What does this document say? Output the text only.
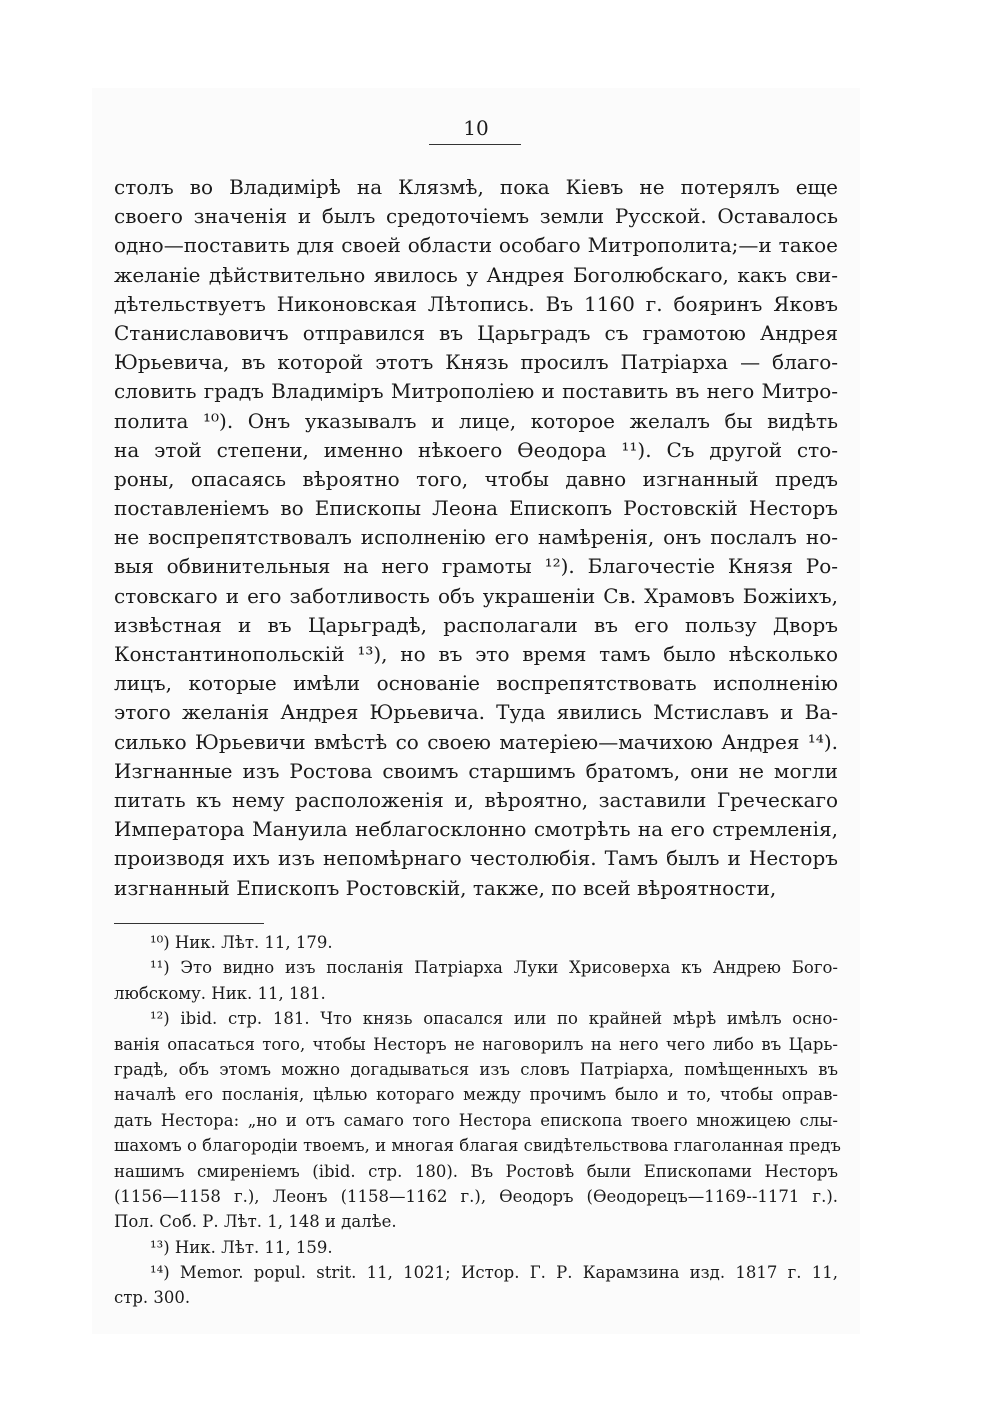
10
столъ во Владимірѣ на Клязмѣ, пока Кіевъ не потерялъ еще
своего значенія и былъ средоточіемъ земли Русской. Оставалось
одно—поставить для своей области особаго Митрополита;—и такое
желаніе дѣйствительно явилось у Андрея Боголюбскаго, какъ сви-
дѣтельствуетъ Никоновская Лѣтопись. Въ 1160 г. бояринъ Яковъ
Станиславовичъ отправился въ Царьградъ съ грамотою Андрея
Юрьевича, въ которой этотъ Князь просилъ Патріарха — благо-
словить градъ Владиміръ Митрополіею и поставить въ него Митро-
полита ¹⁰). Онъ указывалъ и лице, которое желалъ бы видѣть
на этой степени, именно нѣкоего Ѳеодора ¹¹). Съ другой сто-
роны, опасаясь вѣроятно того, чтобы давно изгнанный предъ
поставленіемъ во Епископы Леона Епископъ Ростовскій Несторъ
не воспрепятствовалъ исполненію его намѣренія, онъ послалъ но-
выя обвинительныя на него грамоты ¹²). Благочестіе Князя Ро-
стовскаго и его заботливость объ украшеніи Св. Храмовъ Божіихъ,
извѣстная и въ Царьградѣ, располагали въ его пользу Дворъ
Константинопольскій ¹³), но въ это время тамъ было нѣсколько
лицъ, которые имѣли основаніе воспрепятствовать исполненію
этого желанія Андрея Юрьевича. Туда явились Мстиславъ и Ва-
силько Юрьевичи вмѣстѣ со своею матеріею—мачихою Андрея ¹⁴).
Изгнанные изъ Ростова своимъ старшимъ братомъ, они не могли
питать къ нему расположенія и, вѣроятно, заставили Греческаго
Императора Мануила неблагосклонно смотрѣть на его стремленія,
производя ихъ изъ непомѣрнаго честолюбія. Тамъ былъ и Несторъ
изгнанный Епископъ Ростовскій, также, по всей вѣроятности,
¹⁰) Ник. Лѣт. 11, 179.
¹¹) Это видно изъ посланія Патріарха Луки Хрисоверха къ Андрею Бого-
любскому. Ник. 11, 181.
¹²) ibid. стр. 181. Что князь опасался или по крайней мѣрѣ имѣлъ осно-
ванія опасаться того, чтобы Несторъ не наговорилъ на него чего либо въ Царь-
градѣ, объ этомъ можно догадываться изъ словъ Патріарха, помѣщенныхъ въ
началѣ его посланія, цѣлью котораго между прочимъ было и то, чтобы оправ-
дать Нестора: „но и отъ самаго того Нестора епископа твоего множицею слы-
шахомъ о благородіи твоемъ, и многая благая свидѣтельствова глаголанная предъ
нашимъ смиреніемъ (ibid. стр. 180). Въ Ростовѣ были Епископами Несторъ
(1156—1158 г.), Леонъ (1158—1162 г.), Ѳеодоръ (Ѳеодорецъ—1169--1171 г.).
Пол. Соб. Р. Лѣт. 1, 148 и далѣе.
¹³) Ник. Лѣт. 11, 159.
¹⁴) Memor. popul. strit. 11, 1021; Истор. Г. Р. Карамзина изд. 1817 г. 11,
стр. 300.
